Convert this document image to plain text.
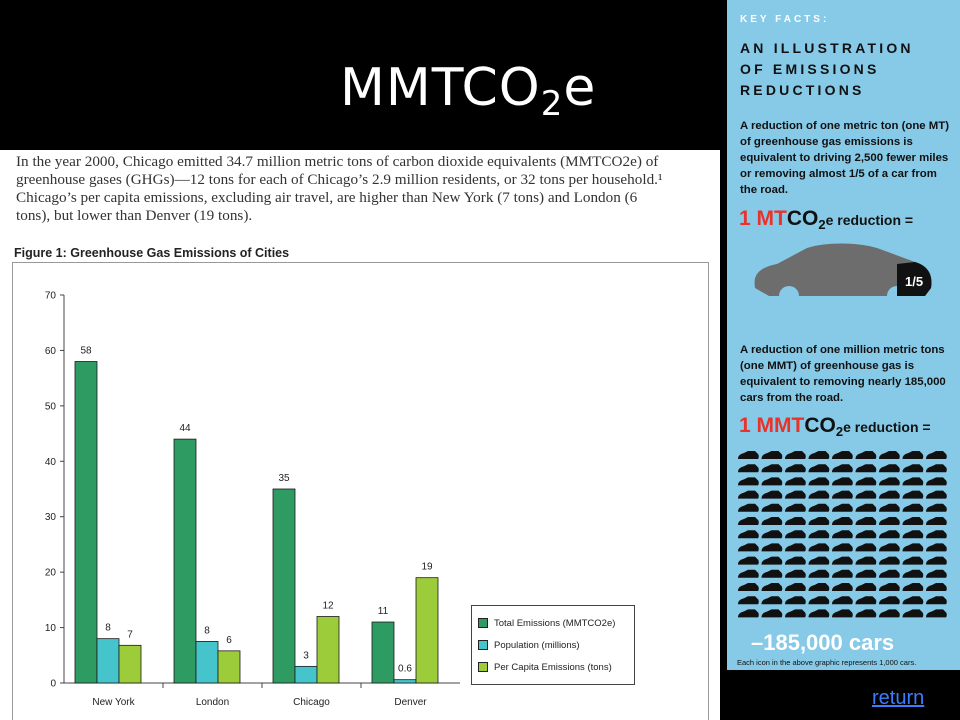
$MMTCO_2e$
In the year 2000, Chicago emitted 34.7 million metric tons of carbon dioxide equivalents (MMTCO2e) of
greenhouse gases (GHGs)—12 tons for each of Chicago’s 2.9 million residents, or 32 tons per household.¹
Chicago’s per capita emissions, excluding air travel, are higher than New York (7 tons) and London (6
tons), but lower than Denver (19 tons).
Figure 1: Greenhouse Gas Emissions of Cities
0
10
20
30
40
50
60
70
58
8
7
New York
44
8
6
London
35
3
12
Chicago
11
0.6
19
Denver
Total Emissions (MMTCO2e)
Population (millions)
Per Capita Emissions (tons)
KEY FACTS:
AN ILLUSTRATION
OF EMISSIONS
REDUCTIONS
A reduction of one metric ton (one MT) of greenhouse gas emissions is equivalent to driving 2,500 fewer miles or removing almost 1/5 of a car from the road.
1 $MTCO_2e$ reduction =
1/5
A reduction of one million metric tons (one MMT) of greenhouse gas is equivalent to removing nearly 185,000 cars from the road.
1 $MMTCO_2e$ reduction =
–185,000 cars
Each icon in the above graphic represents 1,000 cars.
return
